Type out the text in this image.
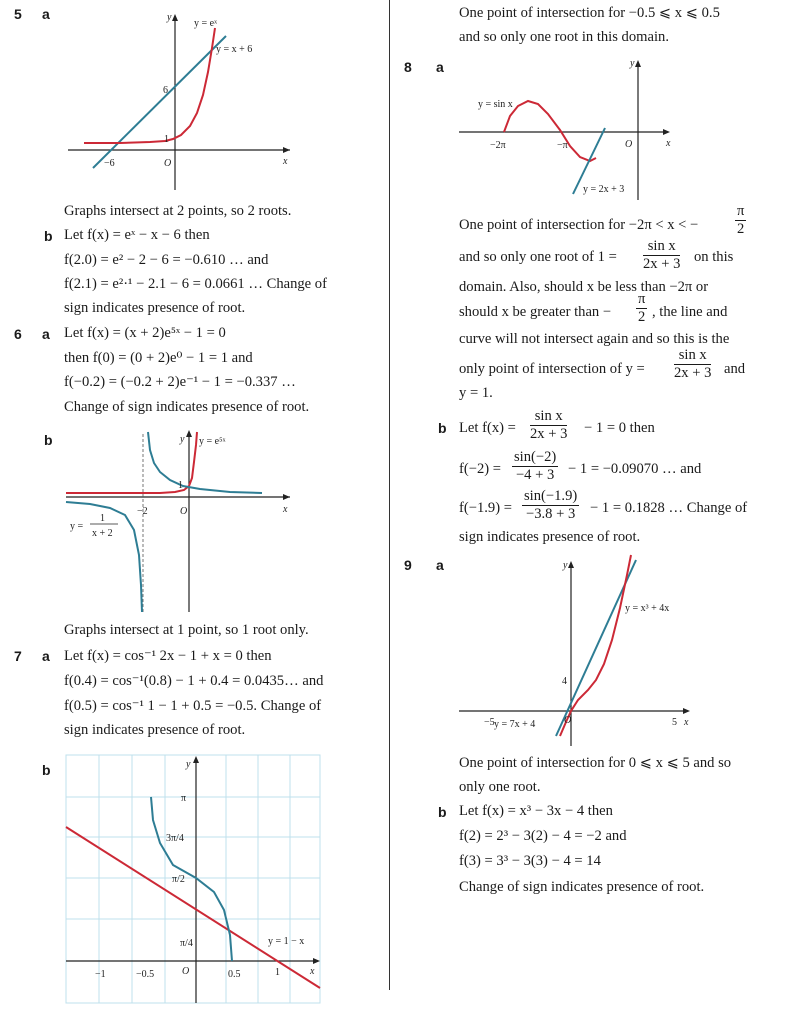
5 a
y = eˣ
y = x + 6
6
1
−6	O	x
y
Graphs intersect at 2 points, so 2 roots.
b Let f(x) = eˣ − x − 6 then
f(2.0) = e² − 2 − 6 = −0.610 … and
f(2.1) = e²·¹ − 2.1 − 6 = 0.0661 … Change of
sign indicates presence of root.
6 a Let f(x) = (x + 2)e⁵ˣ − 1 = 0
then f(0) = (0 + 2)e⁰ − 1 = 1 and
f(−0.2) = (−0.2 + 2)e⁻¹ − 1 = −0.337 …
Change of sign indicates presence of root.
b	y = e⁵ˣ
y
1
−2	O	x
y =
1
x + 2
Graphs intersect at 1 point, so 1 root only.
7 a Let f(x) = cos⁻¹ 2x − 1 + x = 0 then
f(0.4) = cos⁻¹(0.8) − 1 + 0.4 = 0.0435… and
f(0.5) = cos⁻¹ 1 − 1 + 0.5 = −0.5. Change of
sign indicates presence of root.
b
π/4
π/2
3π/4
π
y
−1	−0.5	O	0.5	1	x
y = 1 − x
One point of intersection for −0.5 ⩽ x ⩽ 0.5
and so only one root in this domain.
8 a
y = sin x
−2π	−π	O	x
y
y = 2x + 3
One point of intersection for −2π < x < −	$\frac{\pi}{2}$
and so only one root of $1 = \frac{\text{sin x}}{2x + 3}$ on this
domain. Also, should x be less than −2π or
should x be greater than − $\frac{\pi}{2}$ , the line and
curve will not intersect again and so this is the
only point of intersection of $y = \frac{\text{sin x}}{2x + 3}$ and
y = 1.
b Let $f(x) = \frac{\text{sin x}}{2x + 3} - 1 = 0$ then
$f(-2) = \frac{\sin(-2)}{-4 + 3} - 1 = -0.09070$ … and
$f(-1.9) = \frac{\sin(-1.9)}{-3.8 + 3} - 1 = 0.1828$ … Change of
sign indicates presence of root.
9 a	y
4
−5	O	5 x
y = x³ + 4x
y = 7x + 4
One point of intersection for 0 ⩽ x ⩽ 5 and so
only one root.
b Let f(x) = x³ − 3x − 4 then
f(2) = 2³ − 3(2) − 4 = −2 and
f(3) = 3³ − 3(3) − 4 = 14
Change of sign indicates presence of root.
